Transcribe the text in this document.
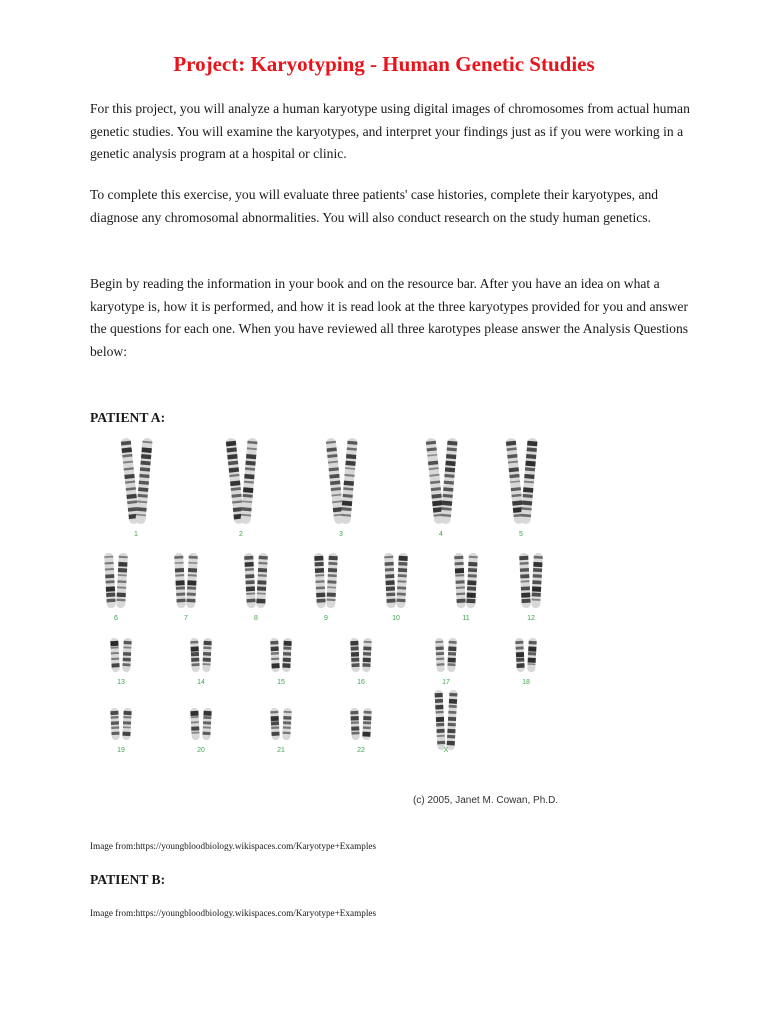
Project: Karyotyping - Human Genetic Studies

For this project, you will analyze a human karyotype using digital images of chromosomes from actual human genetic studies. You will examine the karyotypes, and interpret your findings just as if you were working in a genetic analysis program at a hospital or clinic.

To complete this exercise, you will evaluate three patients' case histories, complete their karyotypes, and diagnose any chromosomal abnormalities. You will also conduct research on the study human genetics.

Begin by reading the information in your book and on the resource bar. After you have an idea on what a karyotype is, how it is performed, and how it is read look at the three karyotypes provided for you and answer the questions for each one. When you have reviewed all three karotypes please answer the Analysis Questions below:

PATIENT A:

(c) 2005, Janet M. Cowan, Ph.D.
1	2	3	4	5
6	7	8	9	10	11	12
13	14	15	16	17	18
19	20	21	22	X

Image from:https://youngbloodbiology.wikispaces.com/Karyotype+Examples

PATIENT B:

Image from:https://youngbloodbiology.wikispaces.com/Karyotype+Examples
